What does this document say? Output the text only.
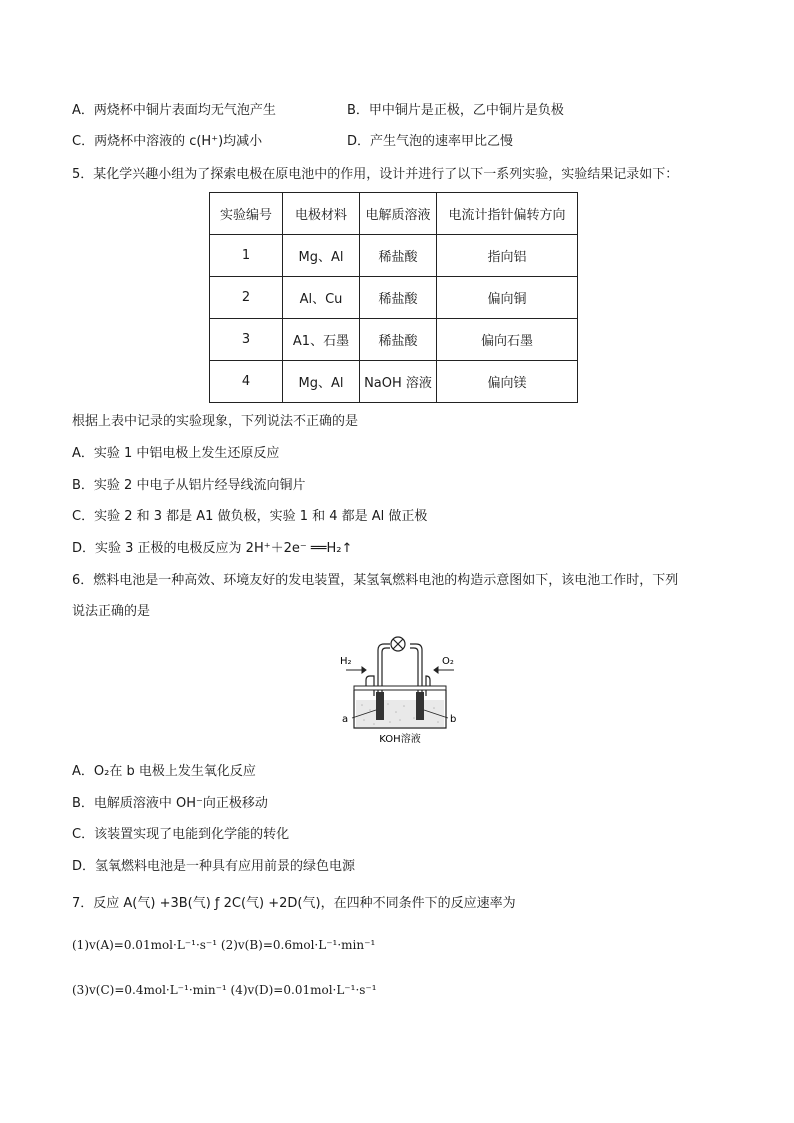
A．两烧杯中铜片表面均无气泡产生	B．甲中铜片是正极，乙中铜片是负极
C．两烧杯中溶液的 c(H⁺)均减小	D．产生气泡的速率甲比乙慢
5．某化学兴趣小组为了探索电极在原电池中的作用，设计并进行了以下一系列实验，实验结果记录如下：
实验编号	电极材料	电解质溶液	电流计指针偏转方向
1	Mg、Al	稀盐酸	指向铝
2	Al、Cu	稀盐酸	偏向铜
3	A1、石墨	稀盐酸	偏向石墨
4	Mg、Al	NaOH 溶液	偏向镁
根据上表中记录的实验现象，下列说法不正确的是
A．实验 1 中铝电极上发生还原反应
B．实验 2 中电子从铝片经导线流向铜片
C．实验 2 和 3 都是 A1 做负极，实验 1 和 4 都是 Al 做正极
D．实验 3 正极的电极反应为 2H⁺＋2e⁻ ══H₂↑
6．燃料电池是一种高效、环境友好的发电装置，某氢氧燃料电池的构造示意图如下，该电池工作时，下列
说法正确的是
H₂	O₂
a	b
KOH溶液
A．O₂在 b 电极上发生氧化反应
B．电解质溶液中 OH⁻向正极移动
C．该装置实现了电能到化学能的转化
D．氢氧燃料电池是一种具有应用前景的绿色电源
7．反应 A(气) +3B(气) ƒ 2C(气) +2D(气)，在四种不同条件下的反应速率为
(1)v(A)=0.01mol·L⁻¹·s⁻¹ (2)v(B)=0.6mol·L⁻¹·min⁻¹
(3)v(C)=0.4mol·L⁻¹·min⁻¹ (4)v(D)=0.01mol·L⁻¹·s⁻¹
